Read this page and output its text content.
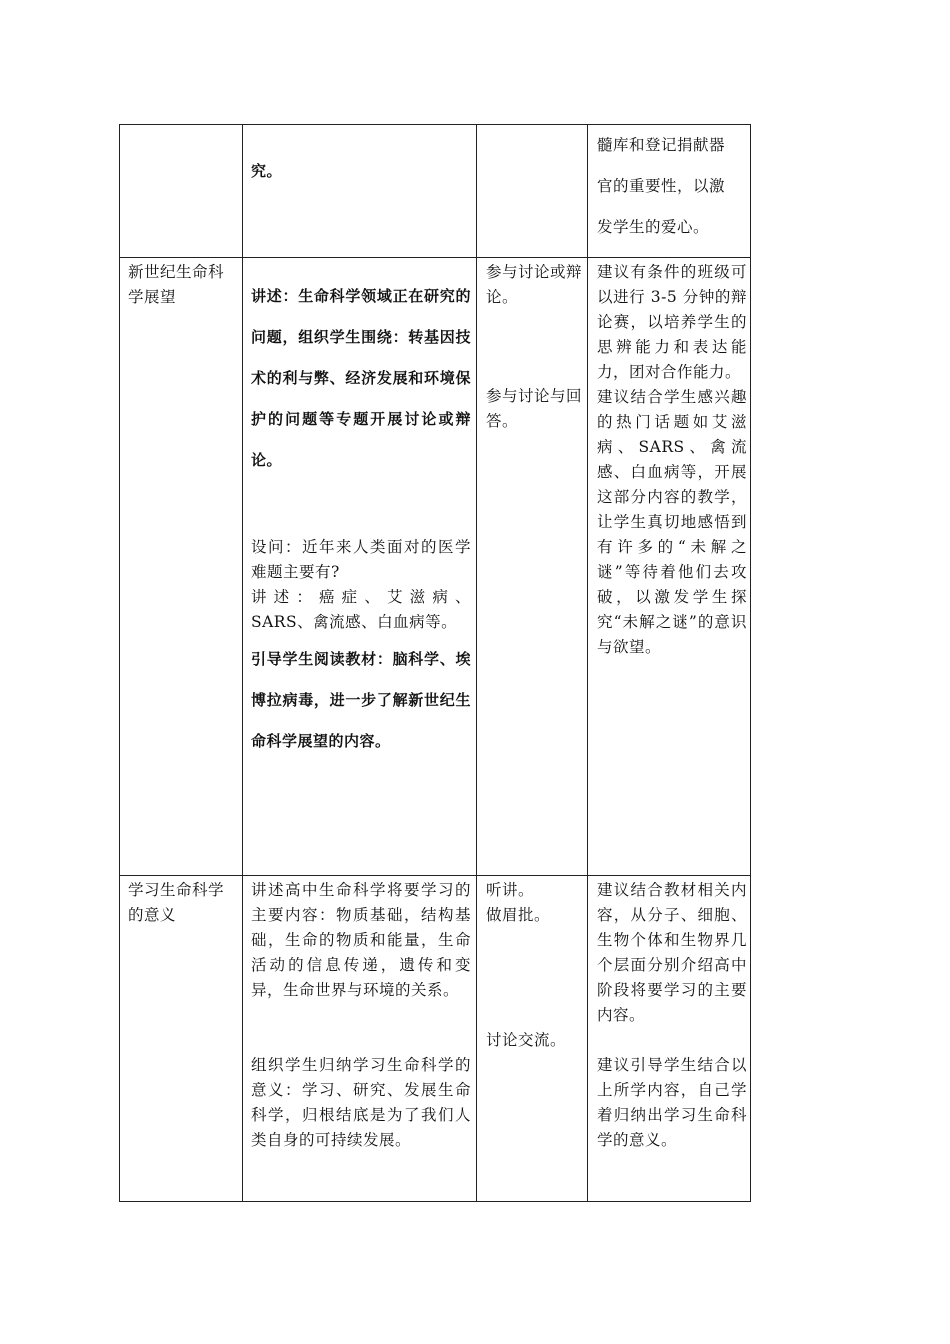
究。

髓库和登记捐献器

官的重要性，以激

发学生的爱心。

新世纪生命科学展望	讲述：生命科学领域正在研究的问题，组织学生围绕：转基因技术的利与弊、经济发展和环境保护的问题等专题开展讨论或辩论。

设问：近年来人类面对的医学难题主要有?

讲述：癌症、艾滋病、SARS、禽流感、白血病等。

引导学生阅读教材：脑科学、埃博拉病毒，进一步了解新世纪生命科学展望的内容。

参与讨论或辩论。

参与讨论与回答。

建议有条件的班级可以进行 3-5 分钟的辩论赛，以培养学生的思辨能力和表达能力，团对合作能力。

建议结合学生感兴趣的热门话题如艾滋病、SARS、禽流感、白血病等，开展这部分内容的教学，让学生真切地感悟到有许多的“未解之谜”等待着他们去攻破，以激发学生探究“未解之谜”的意识与欲望。

学习生命科学的意义

讲述高中生命科学将要学习的主要内容：物质基础，结构基础，生命的物质和能量，生命活动的信息传递，遗传和变异，生命世界与环境的关系。

组织学生归纳学习生命科学的意义：学习、研究、发展生命科学，归根结底是为了我们人类自身的可持续发展。

听讲。

做眉批。

讨论交流。

建议结合教材相关内容，从分子、细胞、生物个体和生物界几个层面分别介绍高中阶段将要学习的主要内容。

建议引导学生结合以上所学内容，自己学着归纳出学习生命科学的意义。
